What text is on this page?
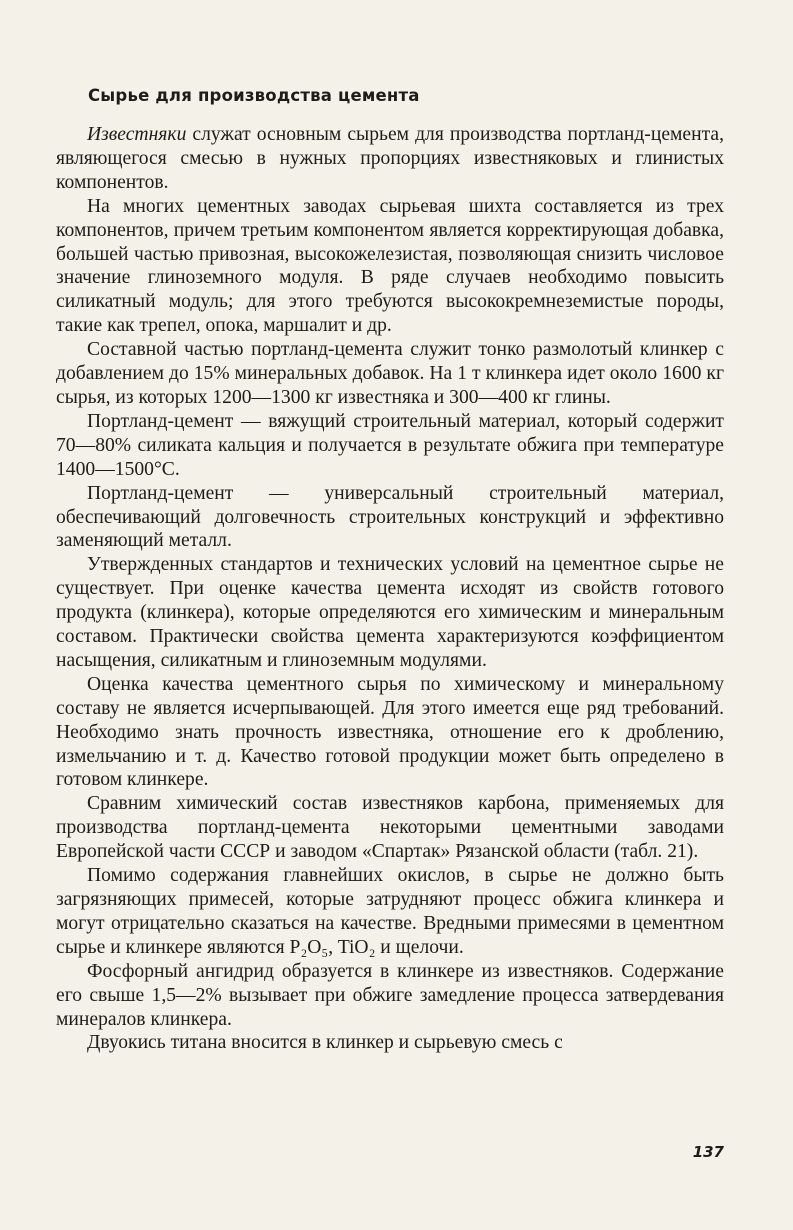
Сырье для производства цемента

Известняки служат основным сырьем для производства портланд-цемента, являющегося смесью в нужных пропорциях известняковых и глинистых компонентов.

На многих цементных заводах сырьевая шихта составляется из трех компонентов, причем третьим компонентом является корректирующая добавка, большей частью привозная, высокожелезистая, позволяющая снизить числовое значение глиноземного модуля. В ряде случаев необходимо повысить силикатный модуль; для этого требуются высококремнеземистые породы, такие как трепел, опока, маршалит и др.

Составной частью портланд-цемента служит тонко размолотый клинкер с добавлением до 15% минеральных добавок. На 1 т клинкера идет около 1600 кг сырья, из которых 1200—1300 кг известняка и 300—400 кг глины.

Портланд-цемент — вяжущий строительный материал, который содержит 70—80% силиката кальция и получается в результате обжига при температуре 1400—1500°С.

Портланд-цемент — универсальный строительный материал, обеспечивающий долговечность строительных конструкций и эффективно заменяющий металл.

Утвержденных стандартов и технических условий на цементное сырье не существует. При оценке качества цемента исходят из свойств готового продукта (клинкера), которые определяются его химическим и минеральным составом. Практически свойства цемента характеризуются коэффициентом насыщения, силикатным и глиноземным модулями.

Оценка качества цементного сырья по химическому и минеральному составу не является исчерпывающей. Для этого имеется еще ряд требований. Необходимо знать прочность известняка, отношение его к дроблению, измельчанию и т. д. Качество готовой продукции может быть определено в готовом клинкере.

Сравним химический состав известняков карбона, применяемых для производства портланд-цемента некоторыми цементными заводами Европейской части СССР и заводом «Спартак» Рязанской области (табл. 21).

Помимо содержания главнейших окислов, в сырье не должно быть загрязняющих примесей, которые затрудняют процесс обжига клинкера и могут отрицательно сказаться на качестве. Вредными примесями в цементном сырье и клинкере являются P₂O₅, TiO₂ и щелочи.

Фосфорный ангидрид образуется в клинкере из известняков. Содержание его свыше 1,5—2% вызывает при обжиге замедление процесса затвердевания минералов клинкера.

Двуокись титана вносится в клинкер и сырьевую смесь с

137
